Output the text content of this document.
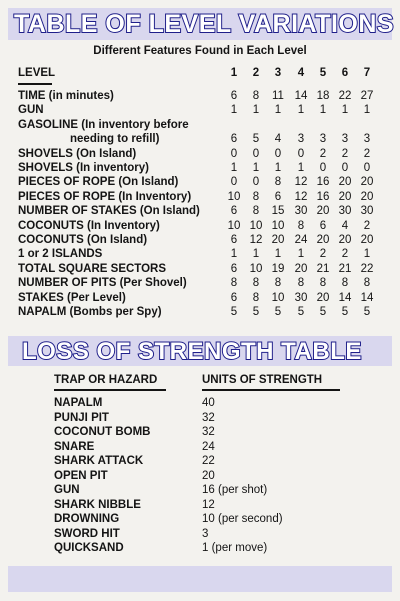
TABLE OF LEVEL VARIATIONS
Different Features Found in Each Level
LEVEL	1	2	3	4	5	6	7
TIME (in minutes)	6	8	11 14 18 22 27
GUN	1	1	1	1	1	1	1
GASOLINE (In inventory before
needing to refill)	6	5	4	3	3	3	3
SHOVELS (On Island)	0	0	0	0	2	2	2
SHOVELS (In inventory)	1	1	1	1	0	0	0
PIECES OF ROPE (On Island)	0	0	8	12 16 20 20
PIECES OF ROPE (In Inventory)	10	8	6	12 16 20 20
NUMBER OF STAKES (On Island)	6	8	15 30 20 30 30
COCONUTS (In Inventory)	10 10 10	8	6	4	2
COCONUTS (On Island)	6	12 20 24 20 20 20
1 or 2 ISLANDS	1	1	1	1	2	2	1
TOTAL SQUARE SECTORS	6	10 19 20 21 21 22
NUMBER OF PITS (Per Shovel)	8	8	8	8	8	8	8
STAKES (Per Level)	6	8	10 30 20 14 14
NAPALM (Bombs per Spy)	5	5	5	5	5	5	5
LOSS OF STRENGTH TABLE
TRAP OR HAZARD	UNITS OF STRENGTH
NAPALM	40
PUNJI PIT	32
COCONUT BOMB	32
SNARE	24
SHARK ATTACK	22
OPEN PIT	20
GUN	16 (per shot)
SHARK NIBBLE	12
DROWNING	10 (per second)
SWORD HIT	3
QUICKSAND	1 (per move)
